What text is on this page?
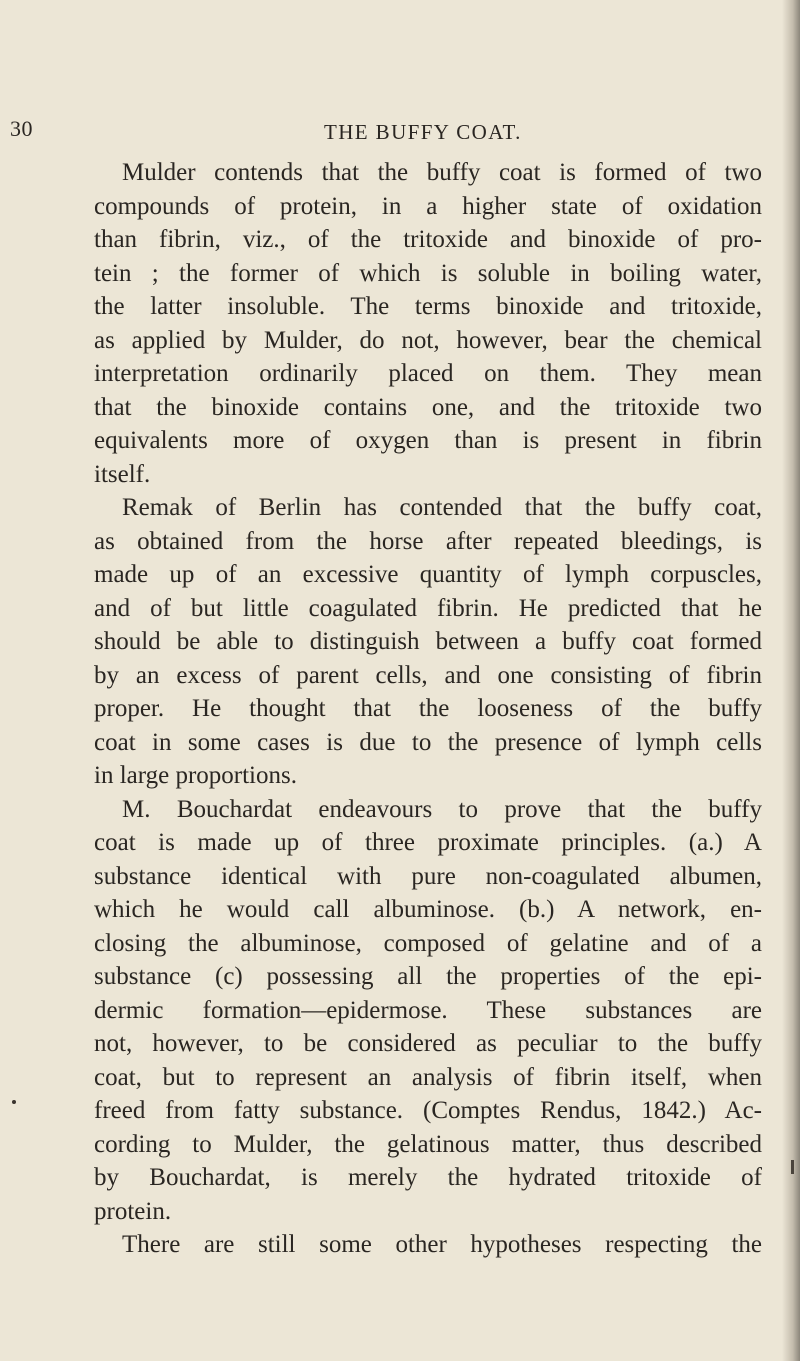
30	THE BUFFY COAT.
Mulder contends that the buffy coat is formed of two
compounds of protein, in a higher state of oxidation
than fibrin, viz., of the tritoxide and binoxide of pro-
tein ; the former of which is soluble in boiling water,
the latter insoluble. The terms binoxide and tritoxide,
as applied by Mulder, do not, however, bear the chemical
interpretation ordinarily placed on them. They mean
that the binoxide contains one, and the tritoxide two
equivalents more of oxygen than is present in fibrin
itself.
Remak of Berlin has contended that the buffy coat,
as obtained from the horse after repeated bleedings, is
made up of an excessive quantity of lymph corpuscles,
and of but little coagulated fibrin. He predicted that he
should be able to distinguish between a buffy coat formed
by an excess of parent cells, and one consisting of fibrin
proper. He thought that the looseness of the buffy
coat in some cases is due to the presence of lymph cells
in large proportions.
M. Bouchardat endeavours to prove that the buffy
coat is made up of three proximate principles. (a.) A
substance identical with pure non-coagulated albumen,
which he would call albuminose. (b.) A network, en-
closing the albuminose, composed of gelatine and of a
substance (c) possessing all the properties of the epi-
dermic formation—epidermose. These substances are
not, however, to be considered as peculiar to the buffy
coat, but to represent an analysis of fibrin itself, when
freed from fatty substance. (Comptes Rendus, 1842.) Ac-
cording to Mulder, the gelatinous matter, thus described
by Bouchardat, is merely the hydrated tritoxide of
protein.
There are still some other hypotheses respecting the
